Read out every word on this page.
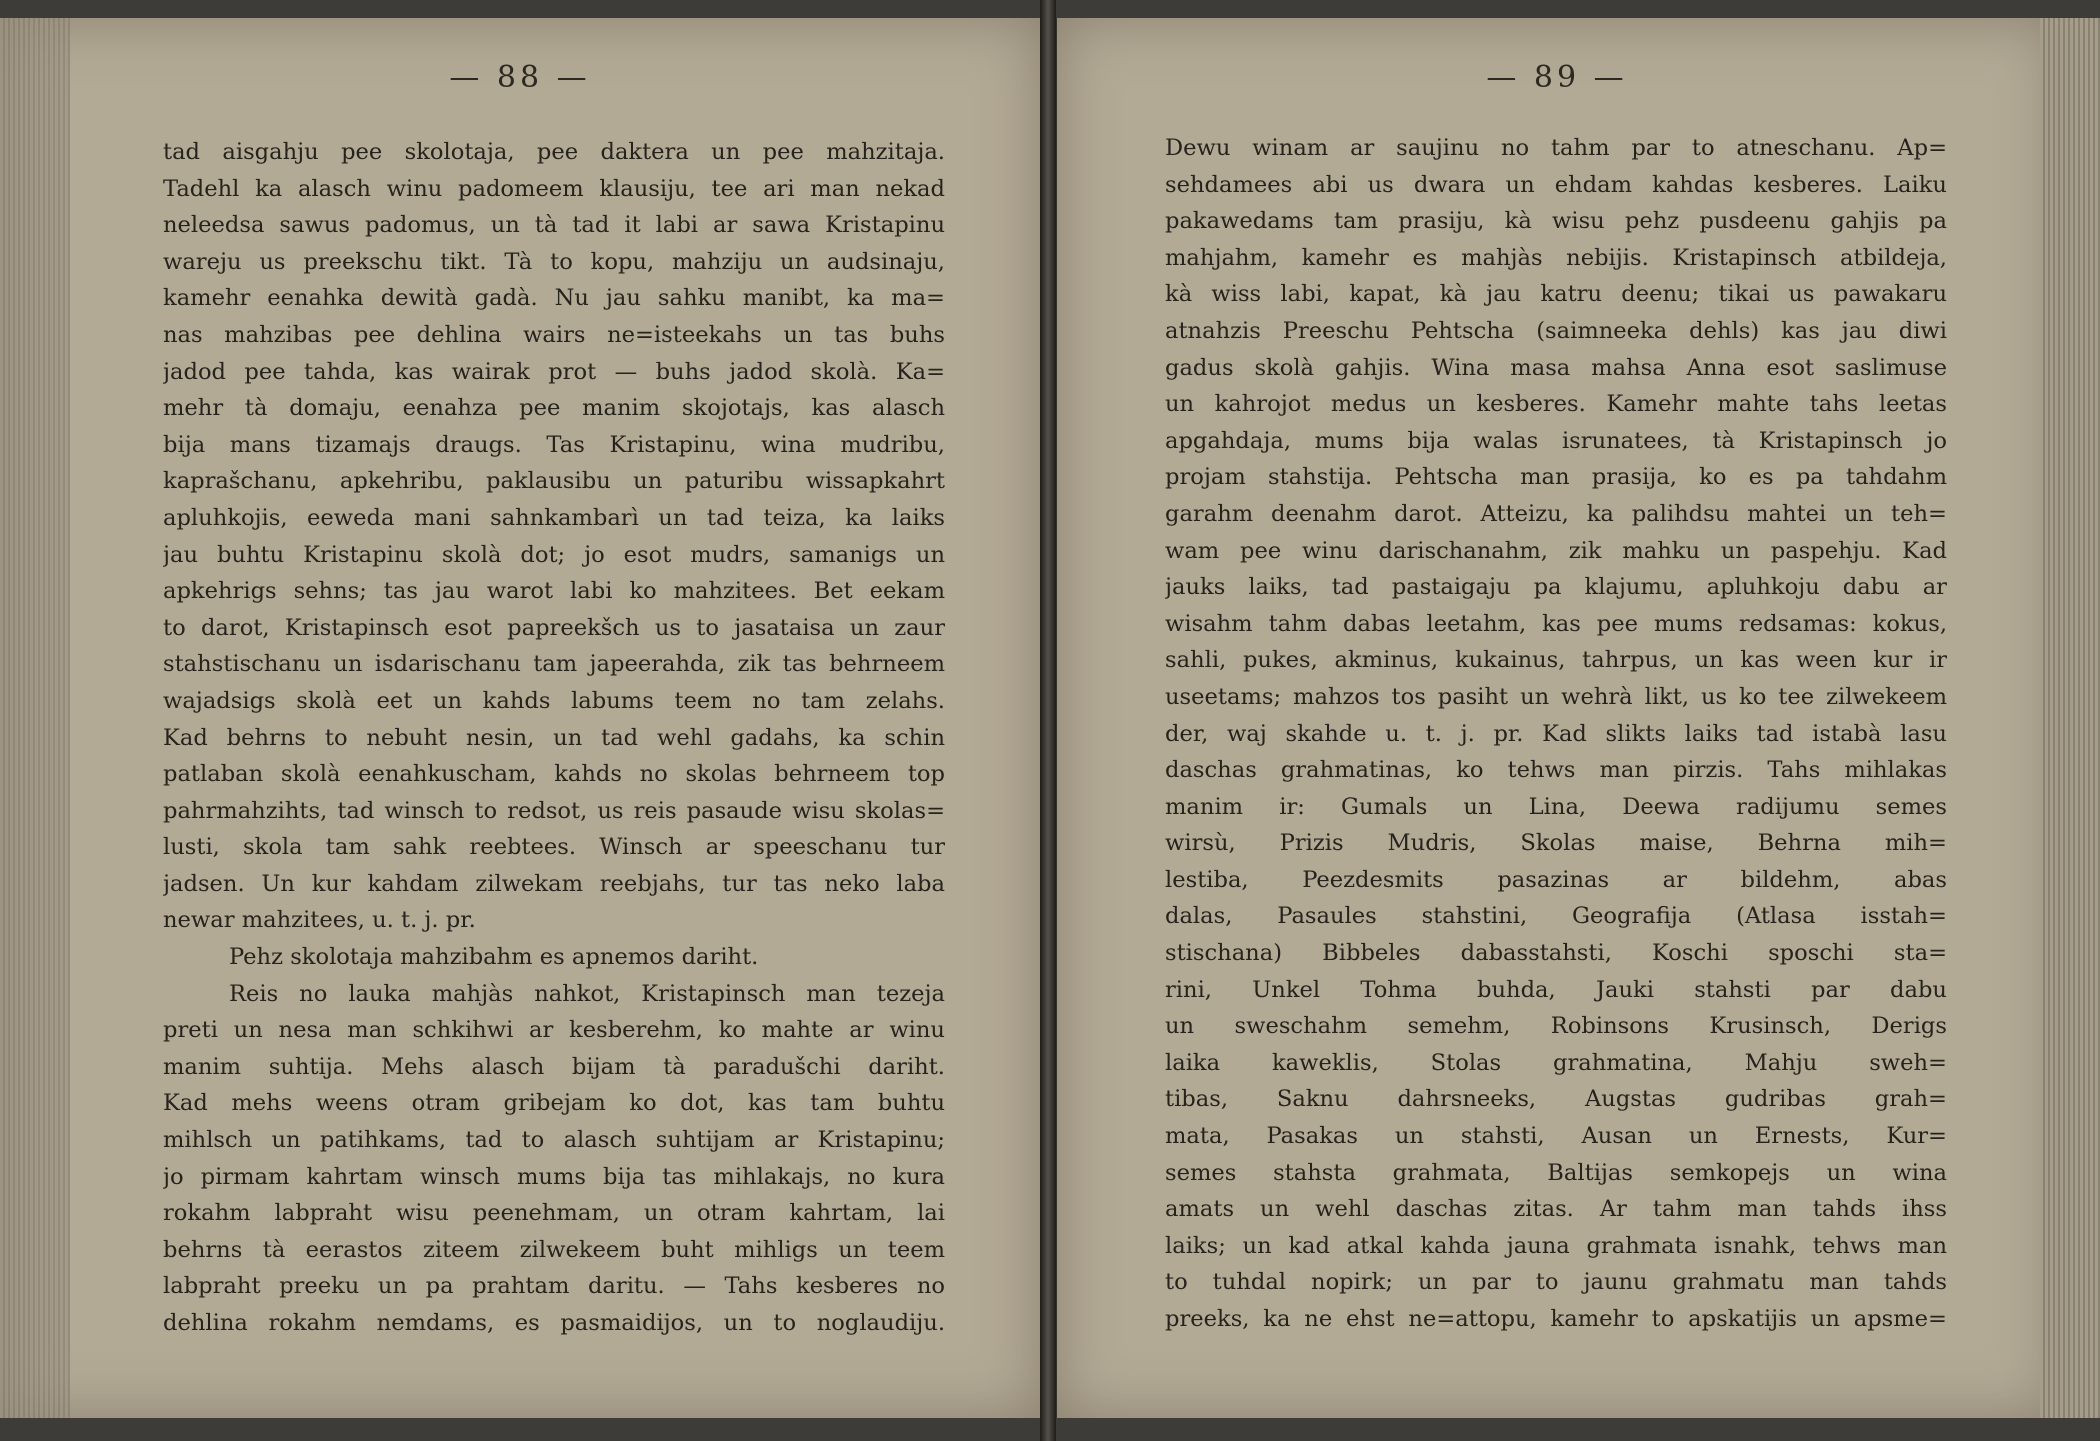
— 88 —
tad aisgahju pee skolotaja, pee daktera un pee mahzitaja.
Tadehl ka alasch winu padomeem klausiju, tee ari man nekad
neleedsa sawus padomus, un tà tad it labi ar sawa Kristapinu
wareju us preekschu tikt. Tà to kopu, mahziju un audsinaju,
kamehr eenahka dewità gadà. Nu jau sahku manibt, ka ma=
nas mahzibas pee dehlina wairs ne=isteekahs un tas buhs
jadod pee tahda, kas wairak prot — buhs jadod skolà. Ka=
mehr tà domaju, eenahza pee manim skojotajs, kas alasch
bija mans tizamajs draugs. Tas Kristapinu, wina mudribu,
kaprašchanu, apkehribu, paklausibu un paturibu wissapkahrt
apluhkojis, eeweda mani sahnkambarì un tad teiza, ka laiks
jau buhtu Kristapinu skolà dot; jo esot mudrs, samanigs un
apkehrigs sehns; tas jau warot labi ko mahzitees. Bet eekam
to darot, Kristapinsch esot papreekšch us to jasataisa un zaur
stahstischanu un isdarischanu tam japeerahda, zik tas behrneem
wajadsigs skolà eet un kahds labums teem no tam zelahs.
Kad behrns to nebuht nesin, un tad wehl gadahs, ka schin
patlaban skolà eenahkuscham, kahds no skolas behrneem top
pahrmahzihts, tad winsch to redsot, us reis pasaude wisu skolas=
lusti, skola tam sahk reebtees. Winsch ar speeschanu tur
jadsen. Un kur kahdam zilwekam reebjahs, tur tas neko laba
newar mahzitees, u. t. j. pr.
Pehz skolotaja mahzibahm es apnemos dariht.
Reis no lauka mahjàs nahkot, Kristapinsch man tezeja
preti un nesa man schkihwi ar kesberehm, ko mahte ar winu
manim suhtija. Mehs alasch bijam tà paradušchi dariht.
Kad mehs weens otram gribejam ko dot, kas tam buhtu
mihlsch un patihkams, tad to alasch suhtijam ar Kristapinu;
jo pirmam kahrtam winsch mums bija tas mihlakajs, no kura
rokahm labpraht wisu peenehmam, un otram kahrtam, lai
behrns tà eerastos ziteem zilwekeem buht mihligs un teem
labpraht preeku un pa prahtam daritu. — Tahs kesberes no
dehlina rokahm nemdams, es pasmaidijos, un to noglaudiju.
— 89 —
Dewu winam ar saujinu no tahm par to atneschanu. Ap=
sehdamees abi us dwara un ehdam kahdas kesberes. Laiku
pakawedams tam prasiju, kà wisu pehz pusdeenu gahjis pa
mahjahm, kamehr es mahjàs nebijis. Kristapinsch atbildeja,
kà wiss labi, kapat, kà jau katru deenu; tikai us pawakaru
atnahzis Preeschu Pehtscha (saimneeka dehls) kas jau diwi
gadus skolà gahjis. Wina masa mahsa Anna esot saslimuse
un kahrojot medus un kesberes. Kamehr mahte tahs leetas
apgahdaja, mums bija walas isrunatees, tà Kristapinsch jo
projam stahstija. Pehtscha man prasija, ko es pa tahdahm
garahm deenahm darot. Atteizu, ka palihdsu mahtei un teh=
wam pee winu darischanahm, zik mahku un paspehju. Kad
jauks laiks, tad pastaigaju pa klajumu, apluhkoju dabu ar
wisahm tahm dabas leetahm, kas pee mums redsamas: kokus,
sahli, pukes, akminus, kukainus, tahrpus, un kas ween kur ir
useetams; mahzos tos pasiht un wehrà likt, us ko tee zilwekeem
der, waj skahde u. t. j. pr. Kad slikts laiks tad istabà lasu
daschas grahmatinas, ko tehws man pirzis. Tahs mihlakas
manim ir: Gumals un Lina, Deewa radijumu semes
wirsù, Prizis Mudris, Skolas maise, Behrna mih=
lestiba, Peezdesmits pasazinas ar bildehm, abas
dalas, Pasaules stahstini, Geografija (Atlasa isstah=
stischana) Bibbeles dabasstahsti, Koschi sposchi sta=
rini, Unkel Tohma buhda, Jauki stahsti par dabu
un sweschahm semehm, Robinsons Krusinsch, Derigs
laika kaweklis, Stolas grahmatina, Mahju sweh=
tibas, Saknu dahrsneeks, Augstas gudribas grah=
mata, Pasakas un stahsti, Ausan un Ernests, Kur=
semes stahsta grahmata, Baltijas semkopejs un wina
amats un wehl daschas zitas. Ar tahm man tahds ihss
laiks; un kad atkal kahda jauna grahmata isnahk, tehws man
to tuhdal nopirk; un par to jaunu grahmatu man tahds
preeks, ka ne ehst ne=attopu, kamehr to apskatijis un apsme=
